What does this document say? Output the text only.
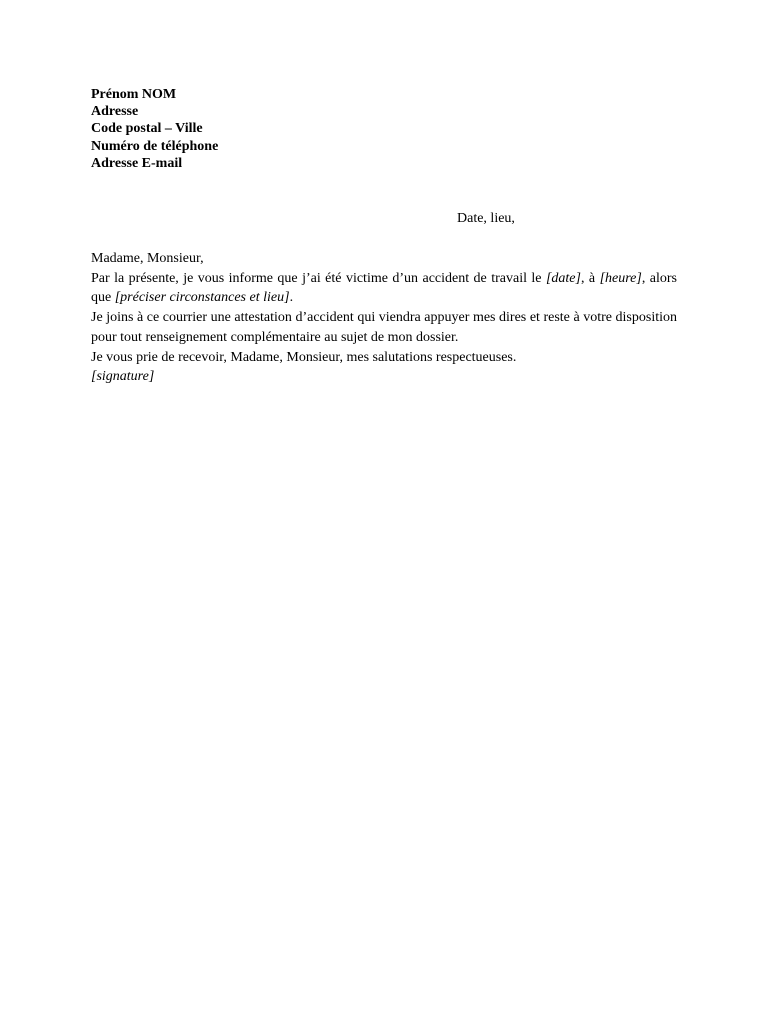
Prénom NOM
Adresse
Code postal – Ville
Numéro de téléphone
Adresse E-mail
Date, lieu,

Madame, Monsieur,

Par la présente, je vous informe que j’ai été victime d’un accident de travail le [date], à [heure], alors que [préciser circonstances et lieu].

Je joins à ce courrier une attestation d’accident qui viendra appuyer mes dires et reste à votre disposition pour tout renseignement complémentaire au sujet de mon dossier.

Je vous prie de recevoir, Madame, Monsieur, mes salutations respectueuses.

[signature]
